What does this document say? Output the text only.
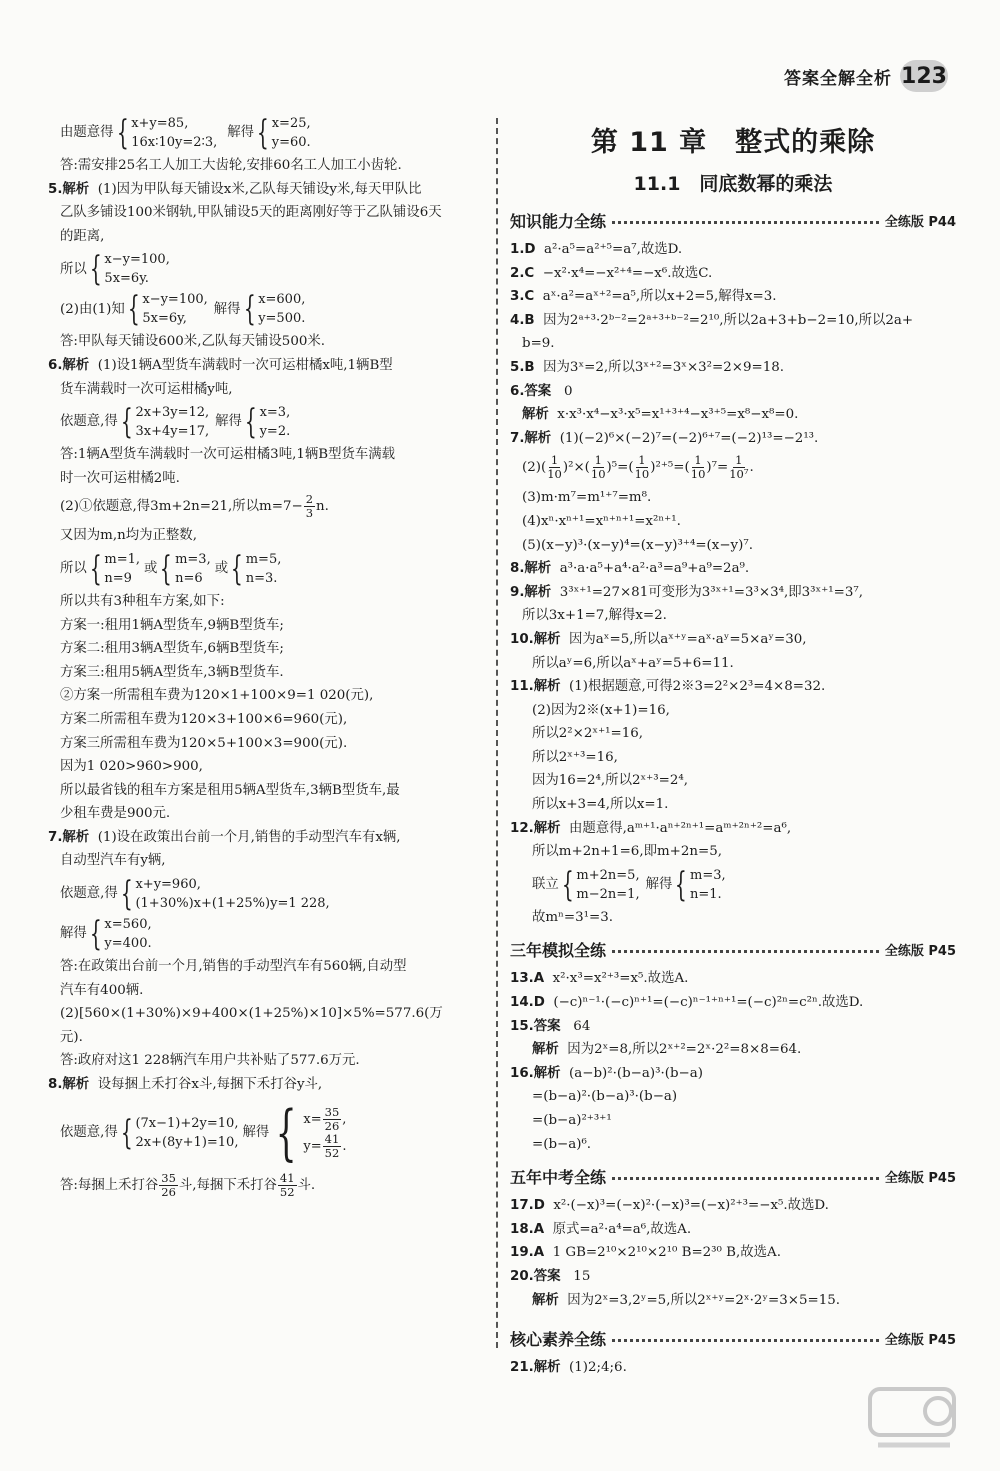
答案全解全析 123
由题意得 { x+y=85,
16x∶10y=2∶3,
解得 { x=25,
y=60.
答:需安排25名工人加工大齿轮,安排60名工人加工小齿轮.
5.解析 (1)因为甲队每天铺设x米,乙队每天铺设y米,每天甲队比
乙队多铺设100米钢轨,甲队铺设5天的距离刚好等于乙队铺设6天
的距离,
所以 { x−y=100,
5x=6y.
(2)由(1)知 { x−y=100,
5x=6y,
解得 { x=600,
y=500.
答:甲队每天铺设600米,乙队每天铺设500米.
6.解析 (1)设1辆A型货车满载时一次可运柑橘x吨,1辆B型
货车满载时一次可运柑橘y吨,
依题意,得 { 2x+3y=12,
3x+4y=17,
解得 { x=3,
y=2.
答:1辆A型货车满载时一次可运柑橘3吨,1辆B型货车满载
时一次可运柑橘2吨.
(2)①依题意,得3m+2n=21,所以$m=7- \frac{2}{3} n$.
又因为m,n均为正整数,
所以 { m=1,
n=9
或 { m=3,
n=6
或 { m=5,
n=3.
所以共有3种租车方案,如下:
方案一:租用1辆A型货车,9辆B型货车;
方案二:租用3辆A型货车,6辆B型货车;
方案三:租用5辆A型货车,3辆B型货车.
②方案一所需租车费为120×1+100×9=1 020(元),
方案二所需租车费为120×3+100×6=960(元),
方案三所需租车费为120×5+100×3=900(元).
因为1 020>960>900,
所以最省钱的租车方案是租用5辆A型货车,3辆B型货车,最
少租车费是900元.
7.解析 (1)设在政策出台前一个月,销售的手动型汽车有x辆,
自动型汽车有y辆,
依题意,得 { x+y=960,
(1+30%)x+(1+25%)y=1 228,
解得 { x=560,
y=400.
答:在政策出台前一个月,销售的手动型汽车有560辆,自动型
汽车有400辆.
(2)[560×(1+30%)×9+400×(1+25%)×10]×5%=577.6(万
元).
答:政府对这1 228辆汽车用户共补贴了577.6万元.
8.解析 设每捆上禾打谷x斗,每捆下禾打谷y斗,
依题意,得 { (7x−1)+2y=10,
2x+(8y+1)=10,
解得 { $x= \frac{35}{26}$ ,
$y= \frac{41}{52}$ .
答:每捆上禾打谷 $\frac{35}{26}$ 斗,每捆下禾打谷 $\frac{41}{52}$ 斗.
第 11 章　整式的乘除
11.1　同底数幂的乘法
知识能力全练	全练版 P44
1.D a²·a⁵=a²⁺⁵=a⁷,故选D.
2.C −x²·x⁴=−x²⁺⁴=−x⁶.故选C.
3.C aˣ·a²=aˣ⁺²=a⁵,所以x+2=5,解得x=3.
4.B 因为2ᵃ⁺³·2ᵇ⁻²=2ᵃ⁺³⁺ᵇ⁻²=2¹⁰,所以2a+3+b−2=10,所以2a+
b=9.
5.B 因为3ˣ=2,所以3ˣ⁺²=3ˣ×3²=2×9=18.
6.答案 0
解析 x·x³·x⁴−x³·x⁵=x¹⁺³⁺⁴−x³⁺⁵=x⁸−x⁸=0.
7.解析 (1)(−2)⁶×(−2)⁷=(−2)⁶⁺⁷=(−2)¹³=−2¹³.
$(2)( \frac{1}{10} )^2\times( \frac{1}{10} )^5=( \frac{1}{10} )^{2+5}=( \frac{1}{10} )^7= \frac{1}{\text{10⁷}}$ .
(3)m·m⁷=m¹⁺⁷=m⁸.
(4)xⁿ·xⁿ⁺¹=xⁿ⁺ⁿ⁺¹=x²ⁿ⁺¹.
(5)(x−y)³·(x−y)⁴=(x−y)³⁺⁴=(x−y)⁷.
8.解析 a³·a·a⁵+a⁴·a²·a³=a⁹+a⁹=2a⁹.
9.解析 3³ˣ⁺¹=27×81可变形为3³ˣ⁺¹=3³×3⁴,即3³ˣ⁺¹=3⁷,
所以3x+1=7,解得x=2.
10.解析 因为aˣ=5,所以aˣ⁺ʸ=aˣ·aʸ=5×aʸ=30,
所以aʸ=6,所以aˣ+aʸ=5+6=11.
11.解析 (1)根据题意,可得2※3=2²×2³=4×8=32.
(2)因为2※(x+1)=16,
所以2²×2ˣ⁺¹=16,
所以2ˣ⁺³=16,
因为16=2⁴,所以2ˣ⁺³=2⁴,
所以x+3=4,所以x=1.
12.解析 由题意得,aᵐ⁺¹·aⁿ⁺²ⁿ⁺¹=aᵐ⁺²ⁿ⁺²=a⁶,
所以m+2n+1=6,即m+2n=5,
联立 { m+2n=5,
m−2n=1,
解得 { m=3,
n=1.
故mⁿ=3¹=3.
三年模拟全练	全练版 P45
13.A x²·x³=x²⁺³=x⁵.故选A.
14.D (−c)ⁿ⁻¹·(−c)ⁿ⁺¹=(−c)ⁿ⁻¹⁺ⁿ⁺¹=(−c)²ⁿ=c²ⁿ.故选D.
15.答案 64
解析 因为2ˣ=8,所以2ˣ⁺²=2ˣ·2²=8×8=64.
16.解析 (a−b)²·(b−a)³·(b−a)
=(b−a)²·(b−a)³·(b−a)
=(b−a)²⁺³⁺¹
=(b−a)⁶.
五年中考全练	全练版 P45
17.D x²·(−x)³=(−x)²·(−x)³=(−x)²⁺³=−x⁵.故选D.
18.A 原式=a²·a⁴=a⁶,故选A.
19.A 1 GB=2¹⁰×2¹⁰×2¹⁰ B=2³⁰ B,故选A.
20.答案 15
解析 因为2ˣ=3,2ʸ=5,所以2ˣ⁺ʸ=2ˣ·2ʸ=3×5=15.
核心素养全练	全练版 P45
21.解析 (1)2;4;6.
